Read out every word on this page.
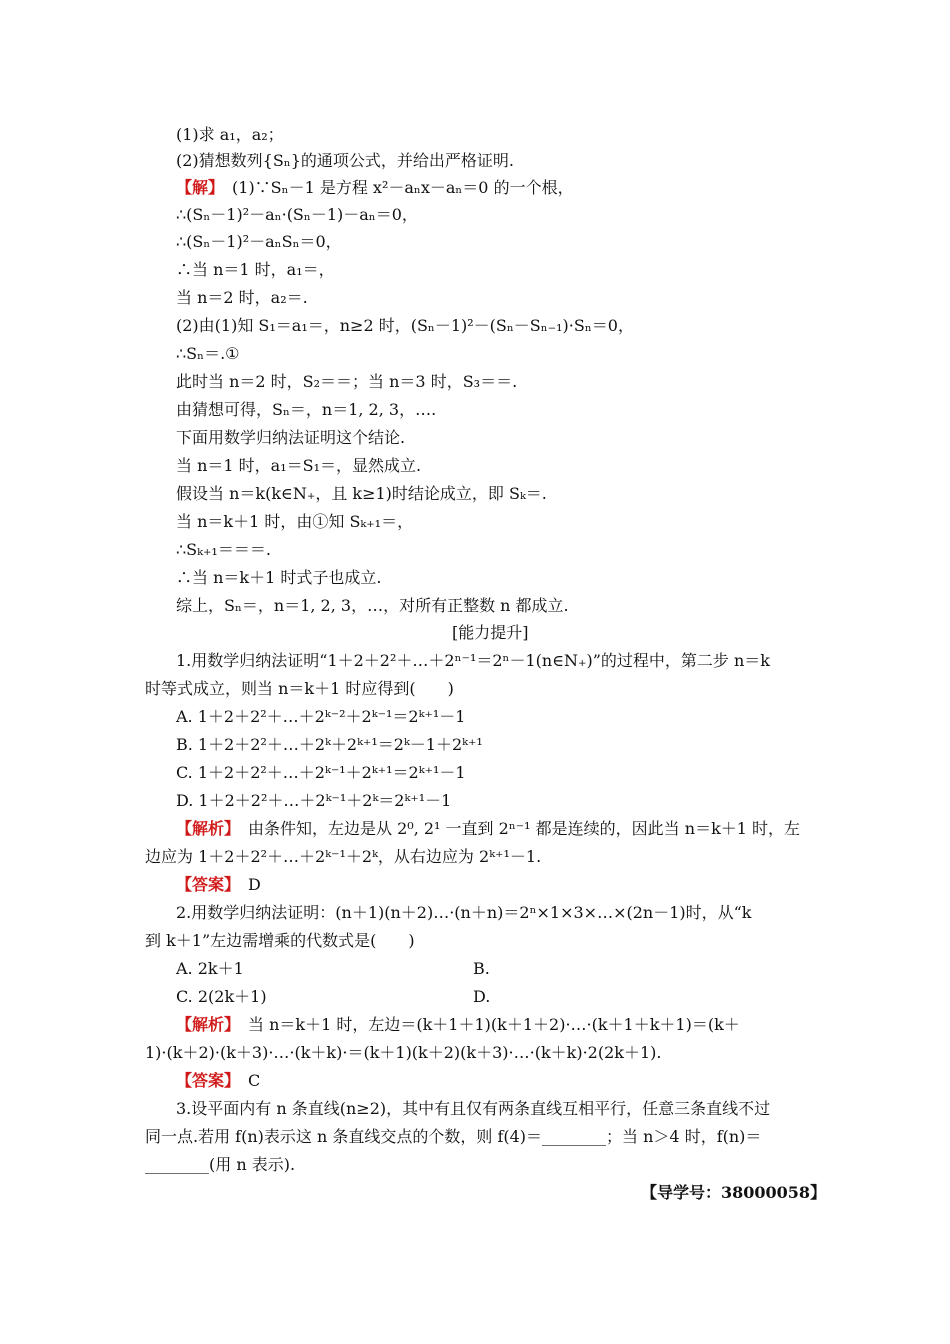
(1)求 a₁，a₂；
(2)猜想数列{Sₙ}的通项公式，并给出严格证明.
【解】　(1)∵Sₙ－1 是方程 x²－aₙx－aₙ＝0 的一个根，
∴(Sₙ－1)²－aₙ·(Sₙ－1)－aₙ＝0，
∴(Sₙ－1)²－aₙSₙ＝0，
∴当 n＝1 时，a₁＝，
当 n＝2 时，a₂＝.
(2)由(1)知 S₁＝a₁＝，n≥2 时，(Sₙ－1)²－(Sₙ－Sₙ₋₁)·Sₙ＝0，
∴Sₙ＝.①
此时当 n＝2 时，S₂＝＝；当 n＝3 时，S₃＝＝.
由猜想可得，Sₙ＝，n＝1, 2, 3，….
下面用数学归纳法证明这个结论.
当 n＝1 时，a₁＝S₁＝，显然成立.
假设当 n＝k(k∈N₊，且 k≥1)时结论成立，即 Sₖ＝.
当 n＝k＋1 时，由①知 Sₖ₊₁＝，
∴Sₖ₊₁＝＝＝.
∴当 n＝k＋1 时式子也成立.
综上，Sₙ＝，n＝1, 2, 3，…，对所有正整数 n 都成立.
[能力提升]
1.用数学归纳法证明“1＋2＋2²＋…＋2ⁿ⁻¹＝2ⁿ－1(n∈N₊)”的过程中，第二步 n＝k
时等式成立，则当 n＝k＋1 时应得到(　　)
A. 1＋2＋2²＋…＋2ᵏ⁻²＋2ᵏ⁻¹＝2ᵏ⁺¹－1
B. 1＋2＋2²＋…＋2ᵏ＋2ᵏ⁺¹＝2ᵏ－1＋2ᵏ⁺¹
C. 1＋2＋2²＋…＋2ᵏ⁻¹＋2ᵏ⁺¹＝2ᵏ⁺¹－1
D. 1＋2＋2²＋…＋2ᵏ⁻¹＋2ᵏ＝2ᵏ⁺¹－1
【解析】　由条件知，左边是从 2⁰, 2¹ 一直到 2ⁿ⁻¹ 都是连续的，因此当 n＝k＋1 时，左
边应为 1＋2＋2²＋…＋2ᵏ⁻¹＋2ᵏ，从右边应为 2ᵏ⁺¹－1.
【答案】　D
2.用数学归纳法证明：(n＋1)(n＋2)…·(n＋n)＝2ⁿ×1×3×…×(2n－1)时，从“k
到 k＋1”左边需增乘的代数式是(　　)
A. 2k＋1	B.
C. 2(2k＋1)	D.
【解析】　当 n＝k＋1 时，左边＝(k＋1＋1)(k＋1＋2)·…·(k＋1＋k＋1)＝(k＋
1)·(k＋2)·(k＋3)·…·(k＋k)·＝(k＋1)(k＋2)(k＋3)·…·(k＋k)·2(2k＋1).
【答案】　C
3.设平面内有 n 条直线(n≥2)，其中有且仅有两条直线互相平行，任意三条直线不过
同一点.若用 f(n)表示这 n 条直线交点的个数，则 f(4)＝________；当 n＞4 时，f(n)＝
________(用 n 表示).
【导学号：38000058】
